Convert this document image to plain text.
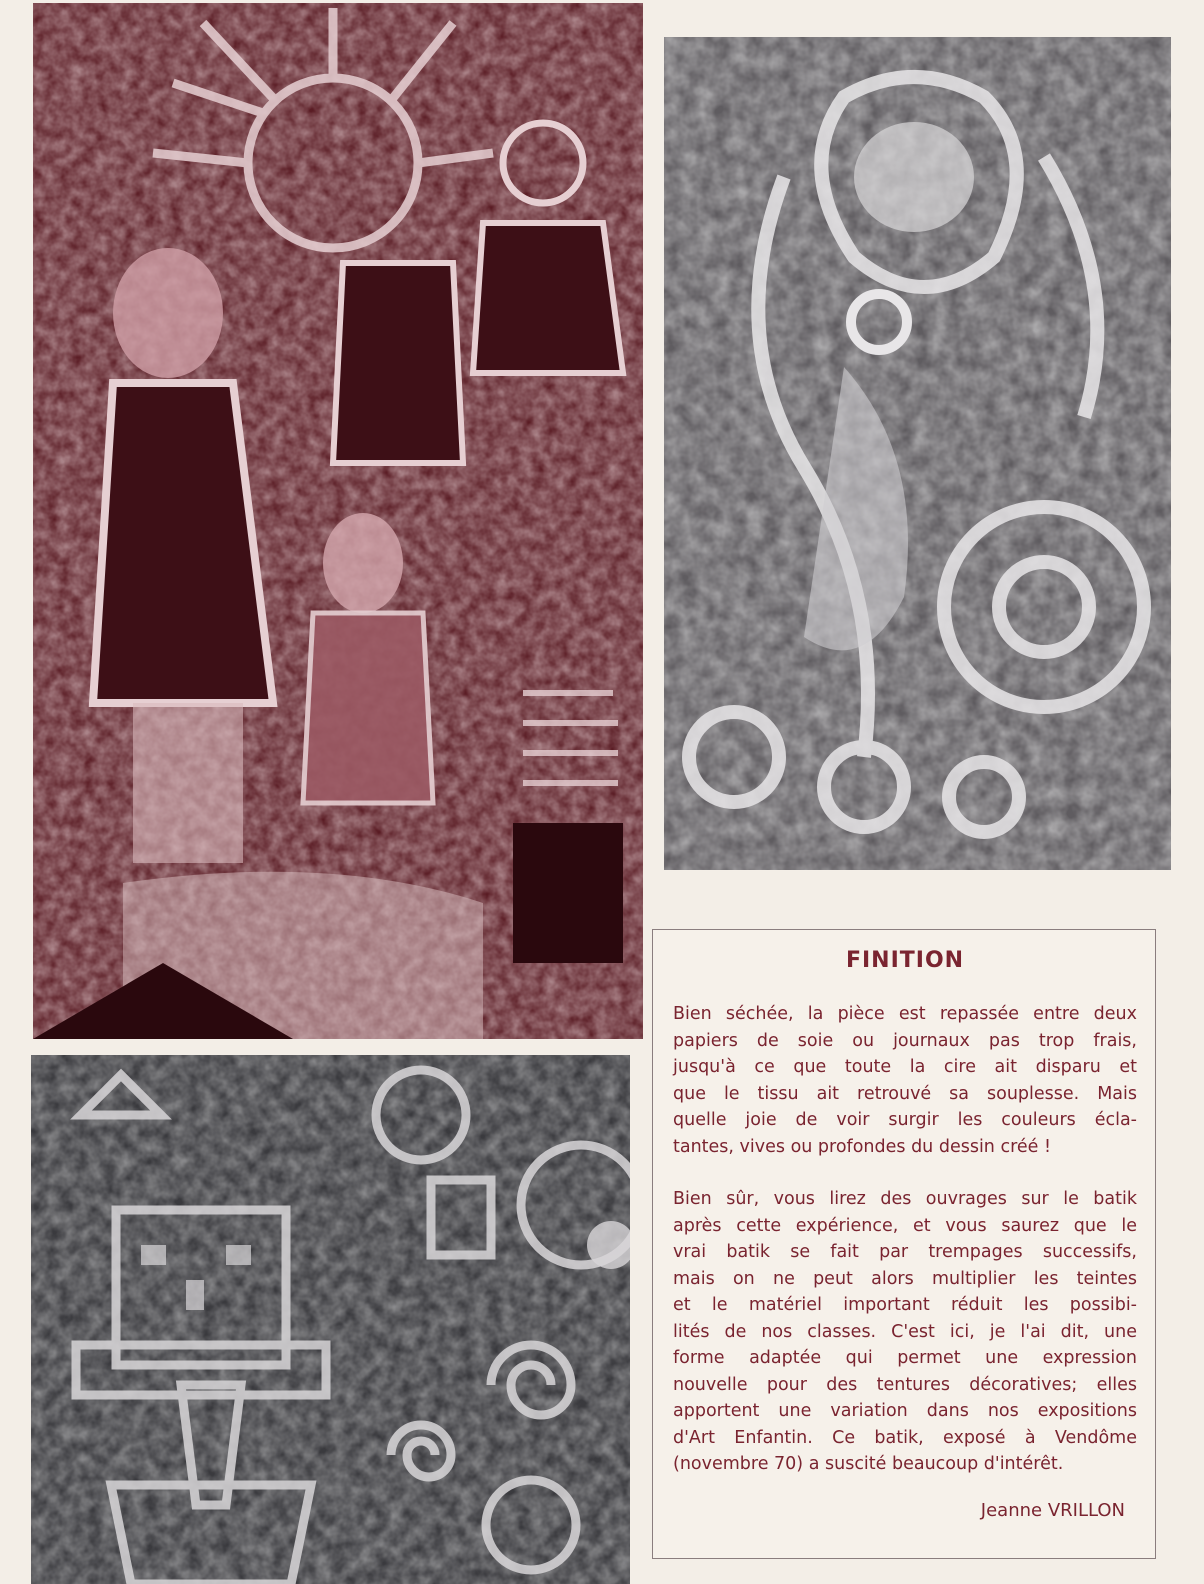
FINITION
Bien séchée, la pièce est repassée entre deux
papiers de soie ou journaux pas trop frais,
jusqu'à ce que toute la cire ait disparu et
que le tissu ait retrouvé sa souplesse. Mais
quelle joie de voir surgir les couleurs écla-
tantes, vives ou profondes du dessin créé !
Bien sûr, vous lirez des ouvrages sur le batik
après cette expérience, et vous saurez que le
vrai batik se fait par trempages successifs,
mais on ne peut alors multiplier les teintes
et le matériel important réduit les possibi-
lités de nos classes. C'est ici, je l'ai dit, une
forme adaptée qui permet une expression
nouvelle pour des tentures décoratives; elles
apportent une variation dans nos expositions
d'Art Enfantin. Ce batik, exposé à Vendôme
(novembre 70) a suscité beaucoup d'intérêt.
Jeanne VRILLON
